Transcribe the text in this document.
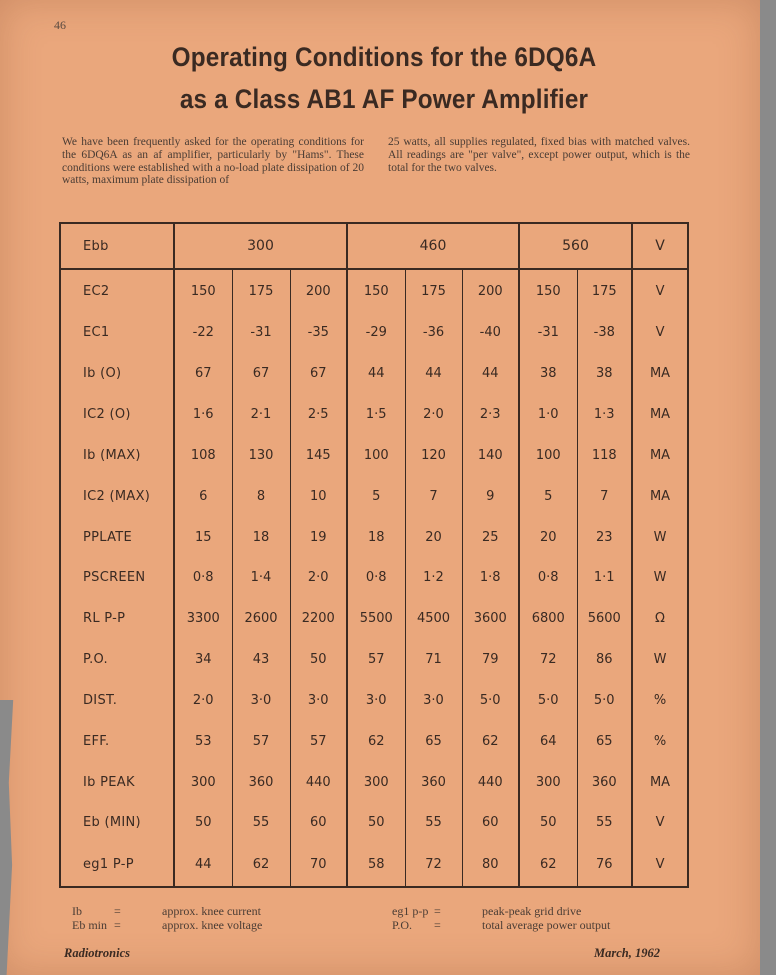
46
Operating Conditions for the 6DQ6A
as a Class AB1 AF Power Amplifier
We have been frequently asked for the operating conditions for the 6DQ6A as an af amplifier, particularly by "Hams". These conditions were established with a no-load plate dissipation of 20 watts, maximum plate dissipation of
25 watts, all supplies regulated, fixed bias with matched valves. All readings are "per valve", except power output, which is the total for the two valves.
Ebb	300			460			560		V
EC2	150	175	200	150	175	200	150	175	V
EC1	-22	-31	-35	-29	-36	-40	-31	-38	V
Ib (O)	67	67	67	44	44	44	38	38	MA
IC2 (O)	1·6	2·1	2·5	1·5	2·0	2·3	1·0	1·3	MA
Ib (MAX)	108	130	145	100	120	140	100	118	MA
IC2 (MAX)	6	8	10	5	7	9	5	7	MA
PPLATE	15	18	19	18	20	25	20	23	W
PSCREEN	0·8	1·4	2·0	0·8	1·2	1·8	0·8	1·1	W
RL P-P	3300	2600	2200	5500	4500	3600	6800	5600	Ω
P.O.	34	43	50	57	71	79	72	86	W
DIST.	2·0	3·0	3·0	3·0	3·0	5·0	5·0	5·0	%
EFF.	53	57	57	62	65	62	64	65	%
Ib PEAK	300	360	440	300	360	440	300	360	MA
Eb (MIN)	50	55	60	50	55	60	50	55	V
eg1 P-P	44	62	70	58	72	80	62	76	V
Ib	=	approx. knee current
Eb min =	approx. knee voltage
eg1 p-p =	peak-peak grid drive
P.O.	=	total average power output
Radiotronics	March, 1962
